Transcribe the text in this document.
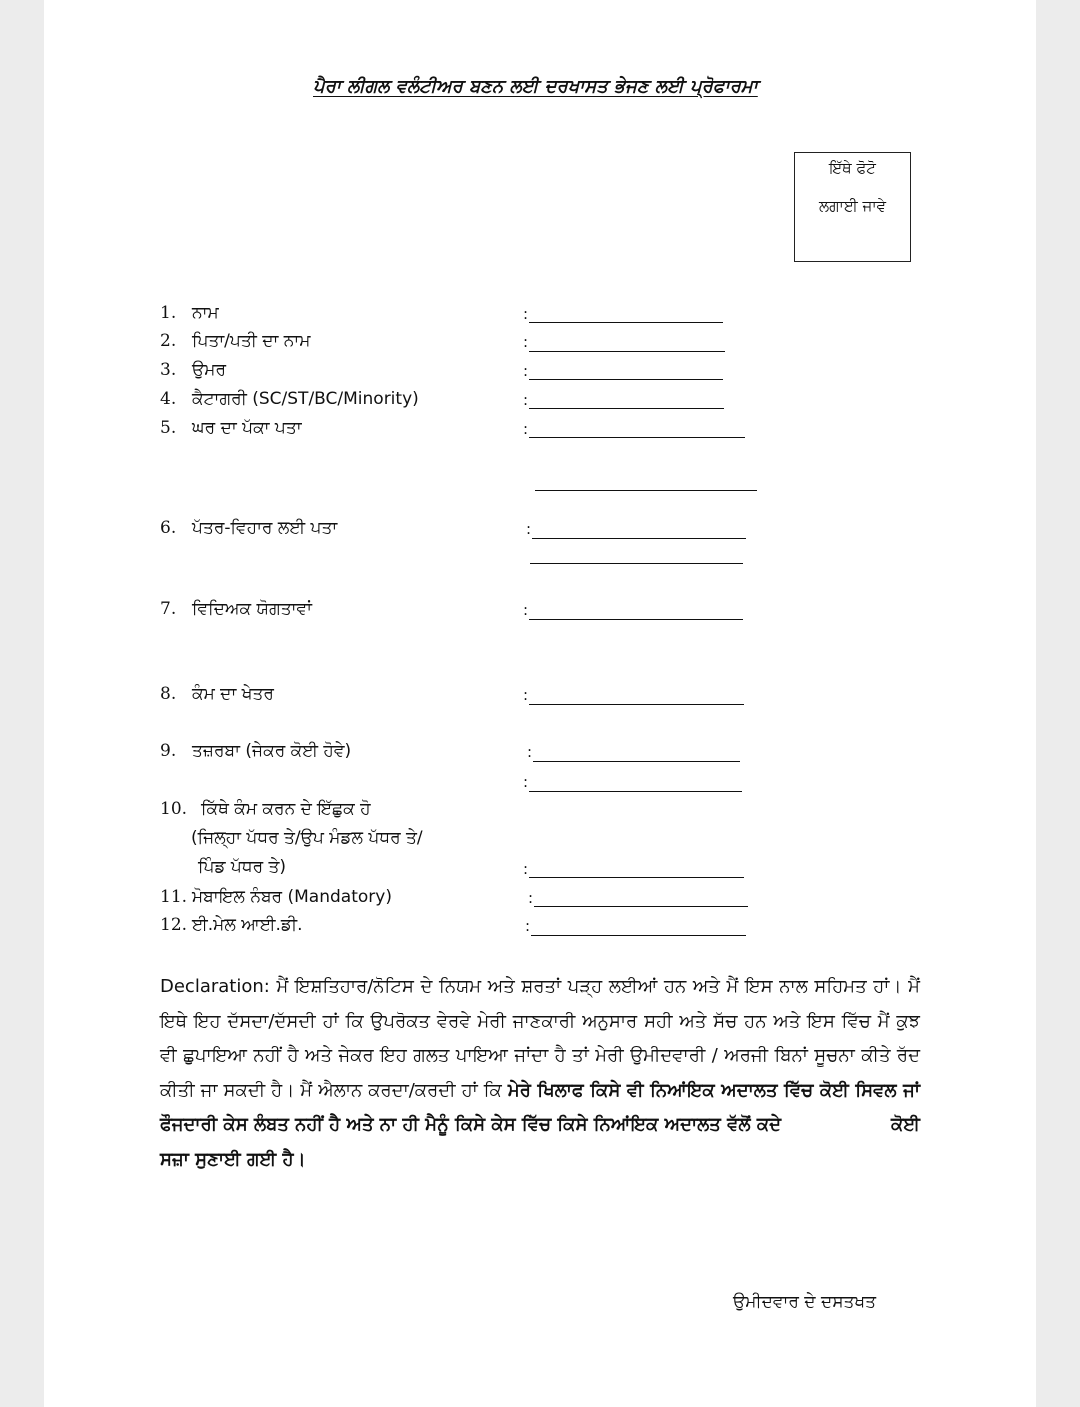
ਪੈਰਾ ਲੀਗਲ ਵਲੰਟੀਅਰ ਬਣਨ ਲਈ ਦਰਖਾਸਤ ਭੇਜਣ ਲਈ ਪ੍ਰੋਫਾਰਮਾ
ਇੱਥੇ ਫੋਟੋ
ਲਗਾਈ ਜਾਵੇ
1. ਨਾਮ	:
2. ਪਿਤਾ/ਪਤੀ ਦਾ ਨਾਮ	:
3. ਉਮਰ	:
4. ਕੈਟਾਗਰੀ (SC/ST/BC/Minority)	:
5. ਘਰ ਦਾ ਪੱਕਾ ਪਤਾ	:
6. ਪੱਤਰ-ਵਿਹਾਰ ਲਈ ਪਤਾ	:
7. ਵਿਦਿਅਕ ਯੋਗਤਾਵਾਂ	:
8. ਕੰਮ ਦਾ ਖੇਤਰ	:
9. ਤਜ਼ਰਬਾ (ਜੇਕਰ ਕੋਈ ਹੋਵੇ)	:
:
10. ਕਿੱਥੇ ਕੰਮ ਕਰਨ ਦੇ ਇੱਛੁਕ ਹੋ
(ਜਿਲ੍ਹਾ ਪੱਧਰ ਤੇ/ਉਪ ਮੰਡਲ ਪੱਧਰ ਤੇ/
ਪਿੰਡ ਪੱਧਰ ਤੇ)	:
11. ਮੋਬਾਇਲ ਨੰਬਰ (Mandatory)	:
12. ਈ.ਮੇਲ ਆਈ.ਡੀ.	:
Declaration: ਮੈਂ ਇਸ਼ਤਿਹਾਰ/ਨੋਟਿਸ ਦੇ ਨਿਯਮ ਅਤੇ ਸ਼ਰਤਾਂ ਪੜ੍ਹ ਲਈਆਂ ਹਨ ਅਤੇ ਮੈਂ ਇਸ ਨਾਲ ਸਹਿਮਤ ਹਾਂ। ਮੈਂ ਇਥੇ ਇਹ ਦੱਸਦਾ/ਦੱਸਦੀ ਹਾਂ ਕਿ ਉਪਰੋਕਤ ਵੇਰਵੇ ਮੇਰੀ ਜਾਣਕਾਰੀ ਅਨੁਸਾਰ ਸਹੀ ਅਤੇ ਸੱਚ ਹਨ ਅਤੇ ਇਸ ਵਿੱਚ ਮੈਂ ਕੁਝ ਵੀ ਛੁਪਾਇਆ ਨਹੀਂ ਹੈ ਅਤੇ ਜੇਕਰ ਇਹ ਗਲਤ ਪਾਇਆ ਜਾਂਦਾ ਹੈ ਤਾਂ ਮੇਰੀ ਉਮੀਦਵਾਰੀ / ਅਰਜੀ ਬਿਨਾਂ ਸੂਚਨਾ ਕੀਤੇ ਰੱਦ ਕੀਤੀ ਜਾ ਸਕਦੀ ਹੈ। ਮੈਂ ਐਲਾਨ ਕਰਦਾ/ਕਰਦੀ ਹਾਂ ਕਿ ਮੇਰੇ ਖਿਲਾਫ ਕਿਸੇ ਵੀ ਨਿਆਂਇਕ ਅਦਾਲਤ ਵਿੱਚ ਕੋਈ ਸਿਵਲ ਜਾਂ ਫੌਜਦਾਰੀ ਕੇਸ ਲੰਬਤ ਨਹੀਂ ਹੈ ਅਤੇ ਨਾ ਹੀ ਮੈਨੂੰ ਕਿਸੇ ਕੇਸ ਵਿੱਚ ਕਿਸੇ ਨਿਆਂਇਕ ਅਦਾਲਤ ਵੱਲੋਂ ਕਦੇ	ਕੋਈ ਸਜ਼ਾ ਸੁਣਾਈ ਗਈ ਹੈ।
ਉਮੀਦਵਾਰ ਦੇ ਦਸਤਖਤ
